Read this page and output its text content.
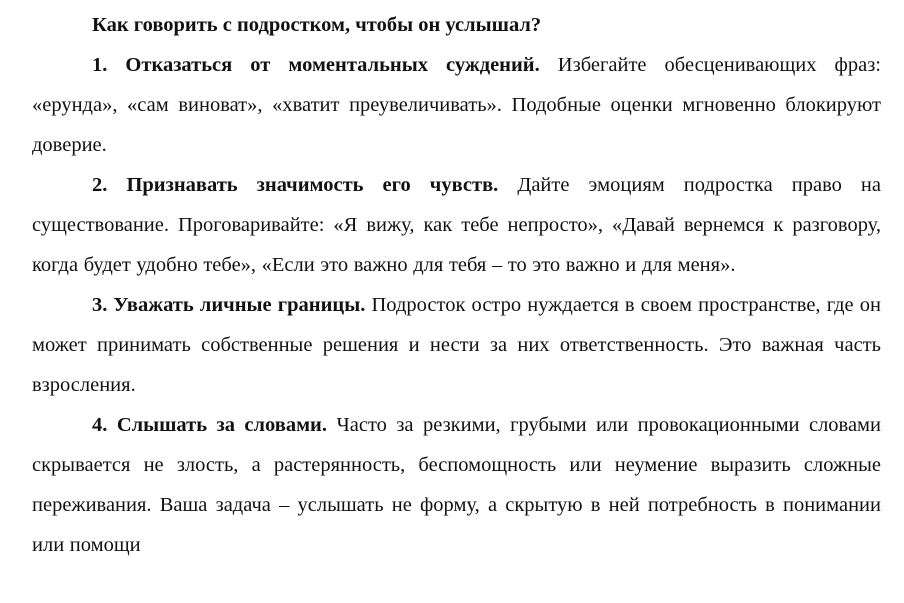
Как говорить с подростком, чтобы он услышал?

1. Отказаться от моментальных суждений. Избегайте обесценивающих фраз: «ерунда», «сам виноват», «хватит преувеличивать». Подобные оценки мгновенно блокируют доверие.

2. Признавать значимость его чувств. Дайте эмоциям подростка право на существование. Проговаривайте: «Я вижу, как тебе непросто», «Давай вернемся к разговору, когда будет удобно тебе», «Если это важно для тебя – то это важно и для меня».

3. Уважать личные границы. Подросток остро нуждается в своем пространстве, где он может принимать собственные решения и нести за них ответственность. Это важная часть взросления.

4. Слышать за словами. Часто за резкими, грубыми или провокационными словами скрывается не злость, а растерянность, беспомощность или неумение выразить сложные переживания. Ваша задача – услышать не форму, а скрытую в ней потребность в понимании или помощи
